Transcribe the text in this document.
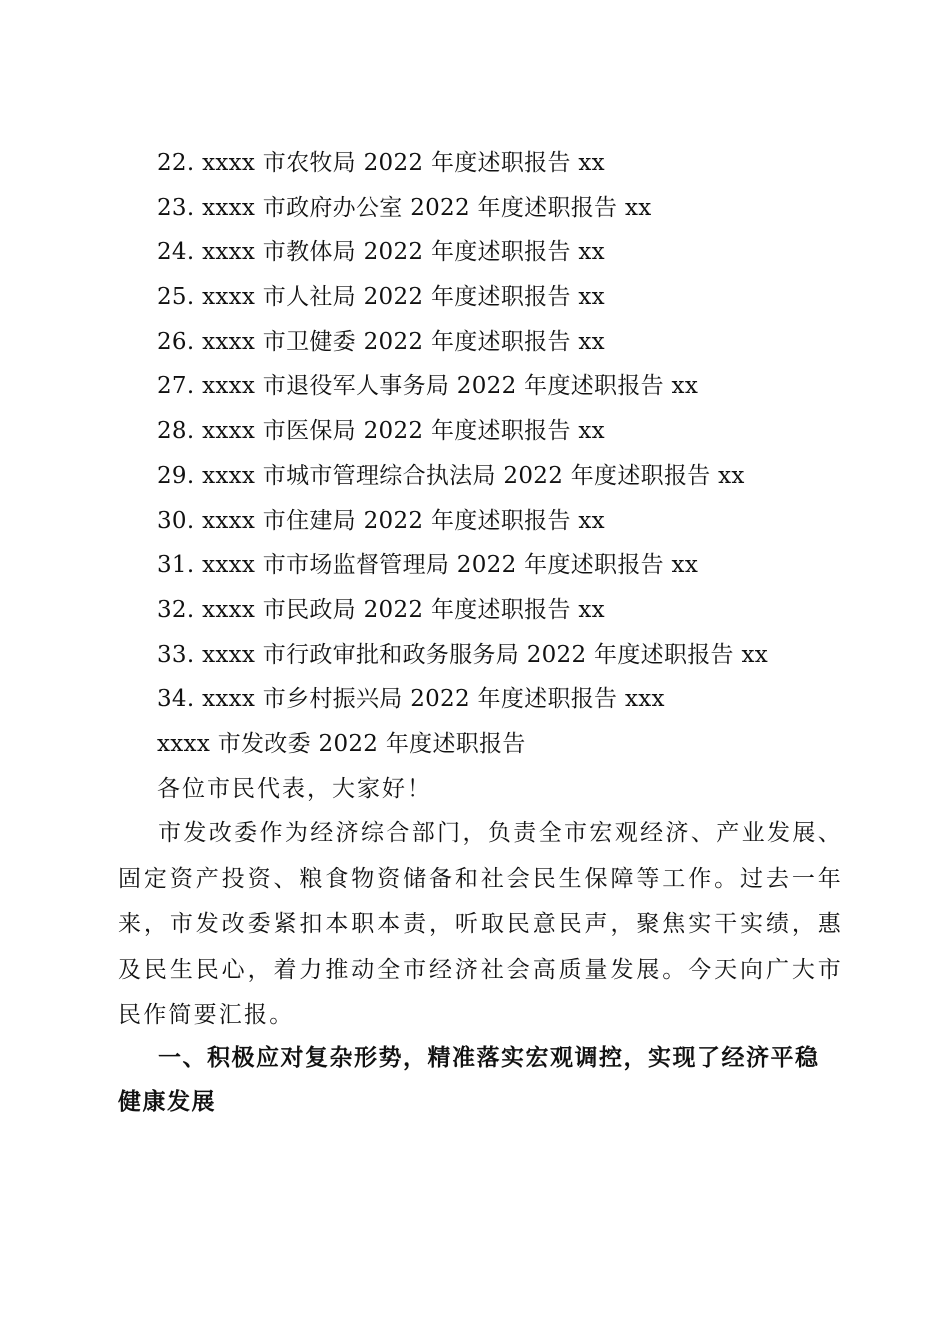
22. xxxx 市农牧局 2022 年度述职报告 xx
23. xxxx 市政府办公室 2022 年度述职报告 xx
24. xxxx 市教体局 2022 年度述职报告 xx
25. xxxx 市人社局 2022 年度述职报告 xx
26. xxxx 市卫健委 2022 年度述职报告 xx
27. xxxx 市退役军人事务局 2022 年度述职报告 xx
28. xxxx 市医保局 2022 年度述职报告 xx
29. xxxx 市城市管理综合执法局 2022 年度述职报告 xx
30. xxxx 市住建局 2022 年度述职报告 xx
31. xxxx 市市场监督管理局 2022 年度述职报告 xx
32. xxxx 市民政局 2022 年度述职报告 xx
33. xxxx 市行政审批和政务服务局 2022 年度述职报告 xx
34. xxxx 市乡村振兴局 2022 年度述职报告 xxx
xxxx 市发改委 2022 年度述职报告
各位市民代表，大家好！

市发改委作为经济综合部门，负责全市宏观经济、产业发展、固定资产投资、粮食物资储备和社会民生保障等工作。过去一年来，市发改委紧扣本职本责，听取民意民声，聚焦实干实绩，惠及民生民心，着力推动全市经济社会高质量发展。今天向广大市民作简要汇报。

一、积极应对复杂形势，精准落实宏观调控，实现了经济平稳健康发展
